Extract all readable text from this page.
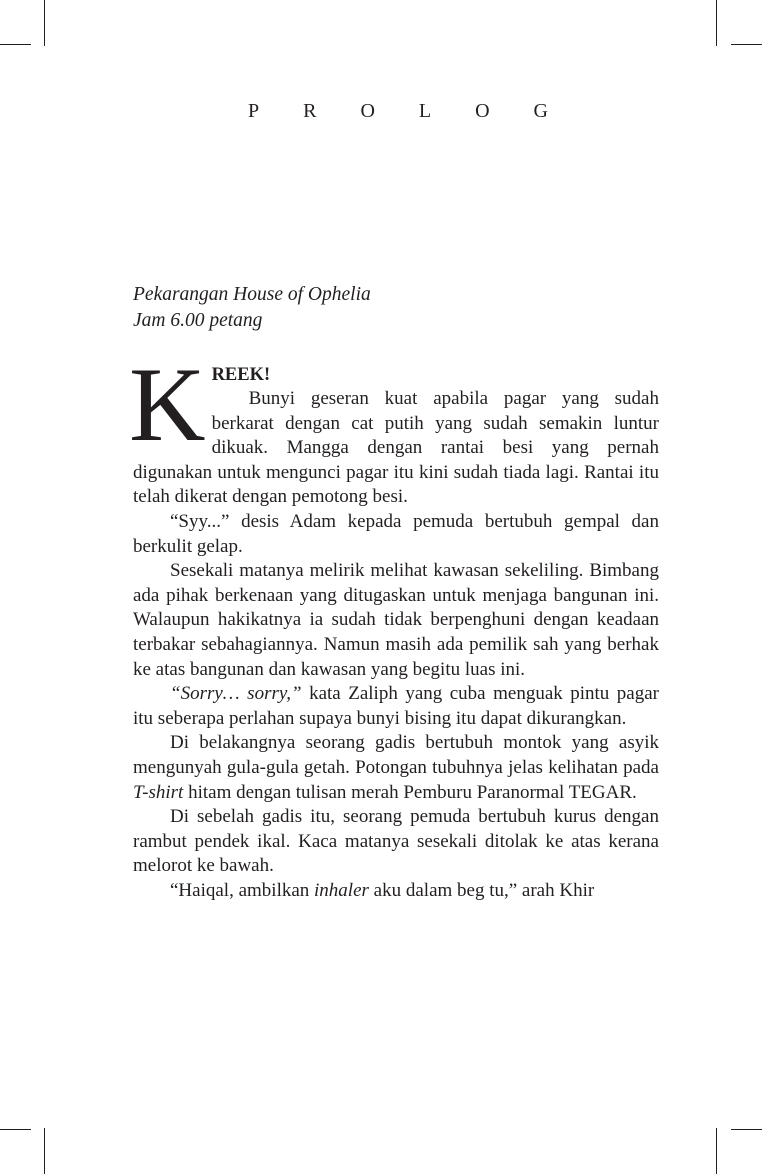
P R O L O G
Pekarangan House of Ophelia
Jam 6.00 petang
K REEK!

Bunyi geseran kuat apabila pagar yang sudah berkarat dengan cat putih yang sudah semakin luntur dikuak. Mangga dengan rantai besi yang pernah digunakan untuk mengunci pagar itu kini sudah tiada lagi. Rantai itu telah dikerat dengan pemotong besi.

“Syy...” desis Adam kepada pemuda bertubuh gempal dan berkulit gelap.

Sesekali matanya melirik melihat kawasan sekeliling. Bimbang ada pihak berkenaan yang ditugaskan untuk menjaga bangunan ini. Walaupun hakikatnya ia sudah tidak berpenghuni dengan keadaan terbakar sebahagiannya. Namun masih ada pemilik sah yang berhak ke atas bangunan dan kawasan yang begitu luas ini.

“Sorry… sorry,” kata Zaliph yang cuba menguak pintu pagar itu seberapa perlahan supaya bunyi bising itu dapat dikurangkan.

Di belakangnya seorang gadis bertubuh montok yang asyik mengunyah gula-gula getah. Potongan tubuhnya jelas kelihatan pada T-shirt hitam dengan tulisan merah Pemburu Paranormal TEGAR.

Di sebelah gadis itu, seorang pemuda bertubuh kurus dengan rambut pendek ikal. Kaca matanya sesekali ditolak ke atas kerana melorot ke bawah.

“Haiqal, ambilkan inhaler aku dalam beg tu,” arah Khir
